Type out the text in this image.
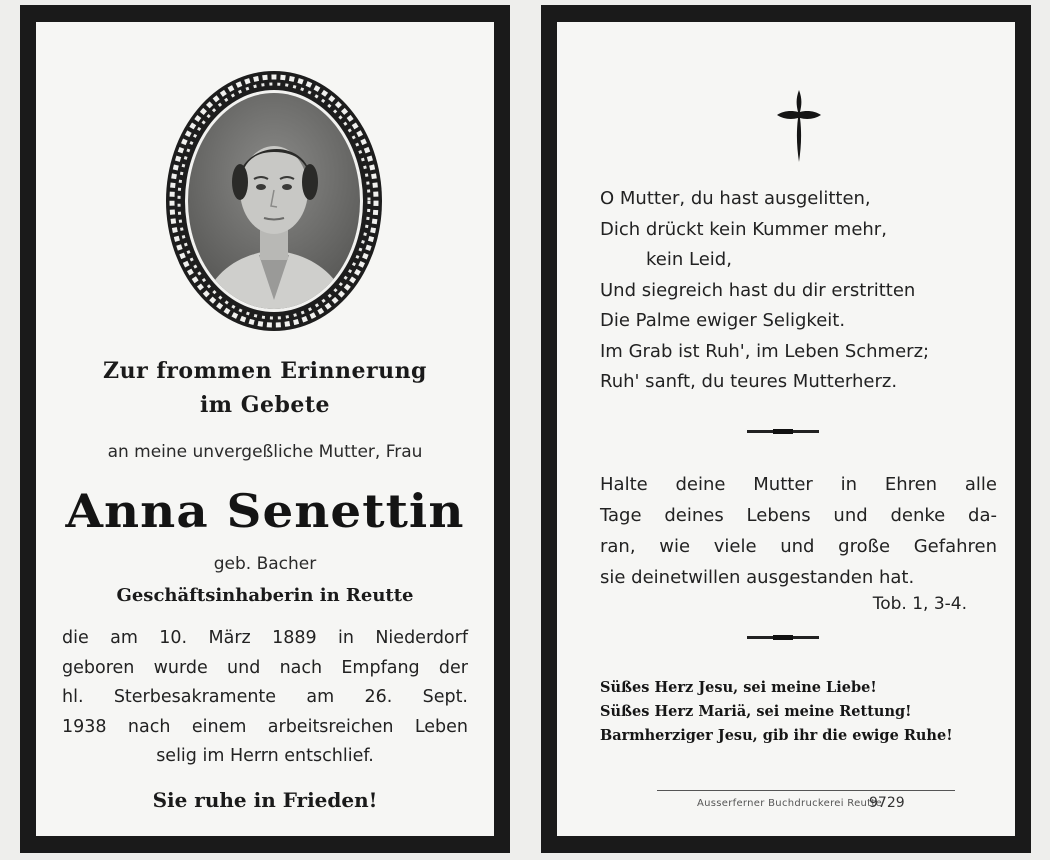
Zur frommen Erinnerung
im Gebete
an meine unvergeßliche Mutter, Frau
Anna Senettin
geb. Bacher
Geschäftsinhaberin in Reutte
die am 10. März 1889 in Niederdorf
geboren wurde und nach Empfang der
hl. Sterbesakramente am 26. Sept.
1938 nach einem arbeitsreichen Leben
selig im Herrn entschlief.
Sie ruhe in Frieden!
O Mutter, du hast ausgelitten,
Dich drückt kein Kummer mehr,
kein Leid,
Und siegreich hast du dir erstritten
Die Palme ewiger Seligkeit.
Im Grab ist Ruh', im Leben Schmerz;
Ruh' sanft, du teures Mutterherz.
Halte deine Mutter in Ehren alle
Tage deines Lebens und denke da-
ran, wie viele und große Gefahren
sie deinetwillen ausgestanden hat.
Tob. 1, 3-4.
Süßes Herz Jesu, sei meine Liebe!
Süßes Herz Mariä, sei meine Rettung!
Barmherziger Jesu, gib ihr die ewige Ruhe!
Ausserferner Buchdruckerei Reutte
9729
